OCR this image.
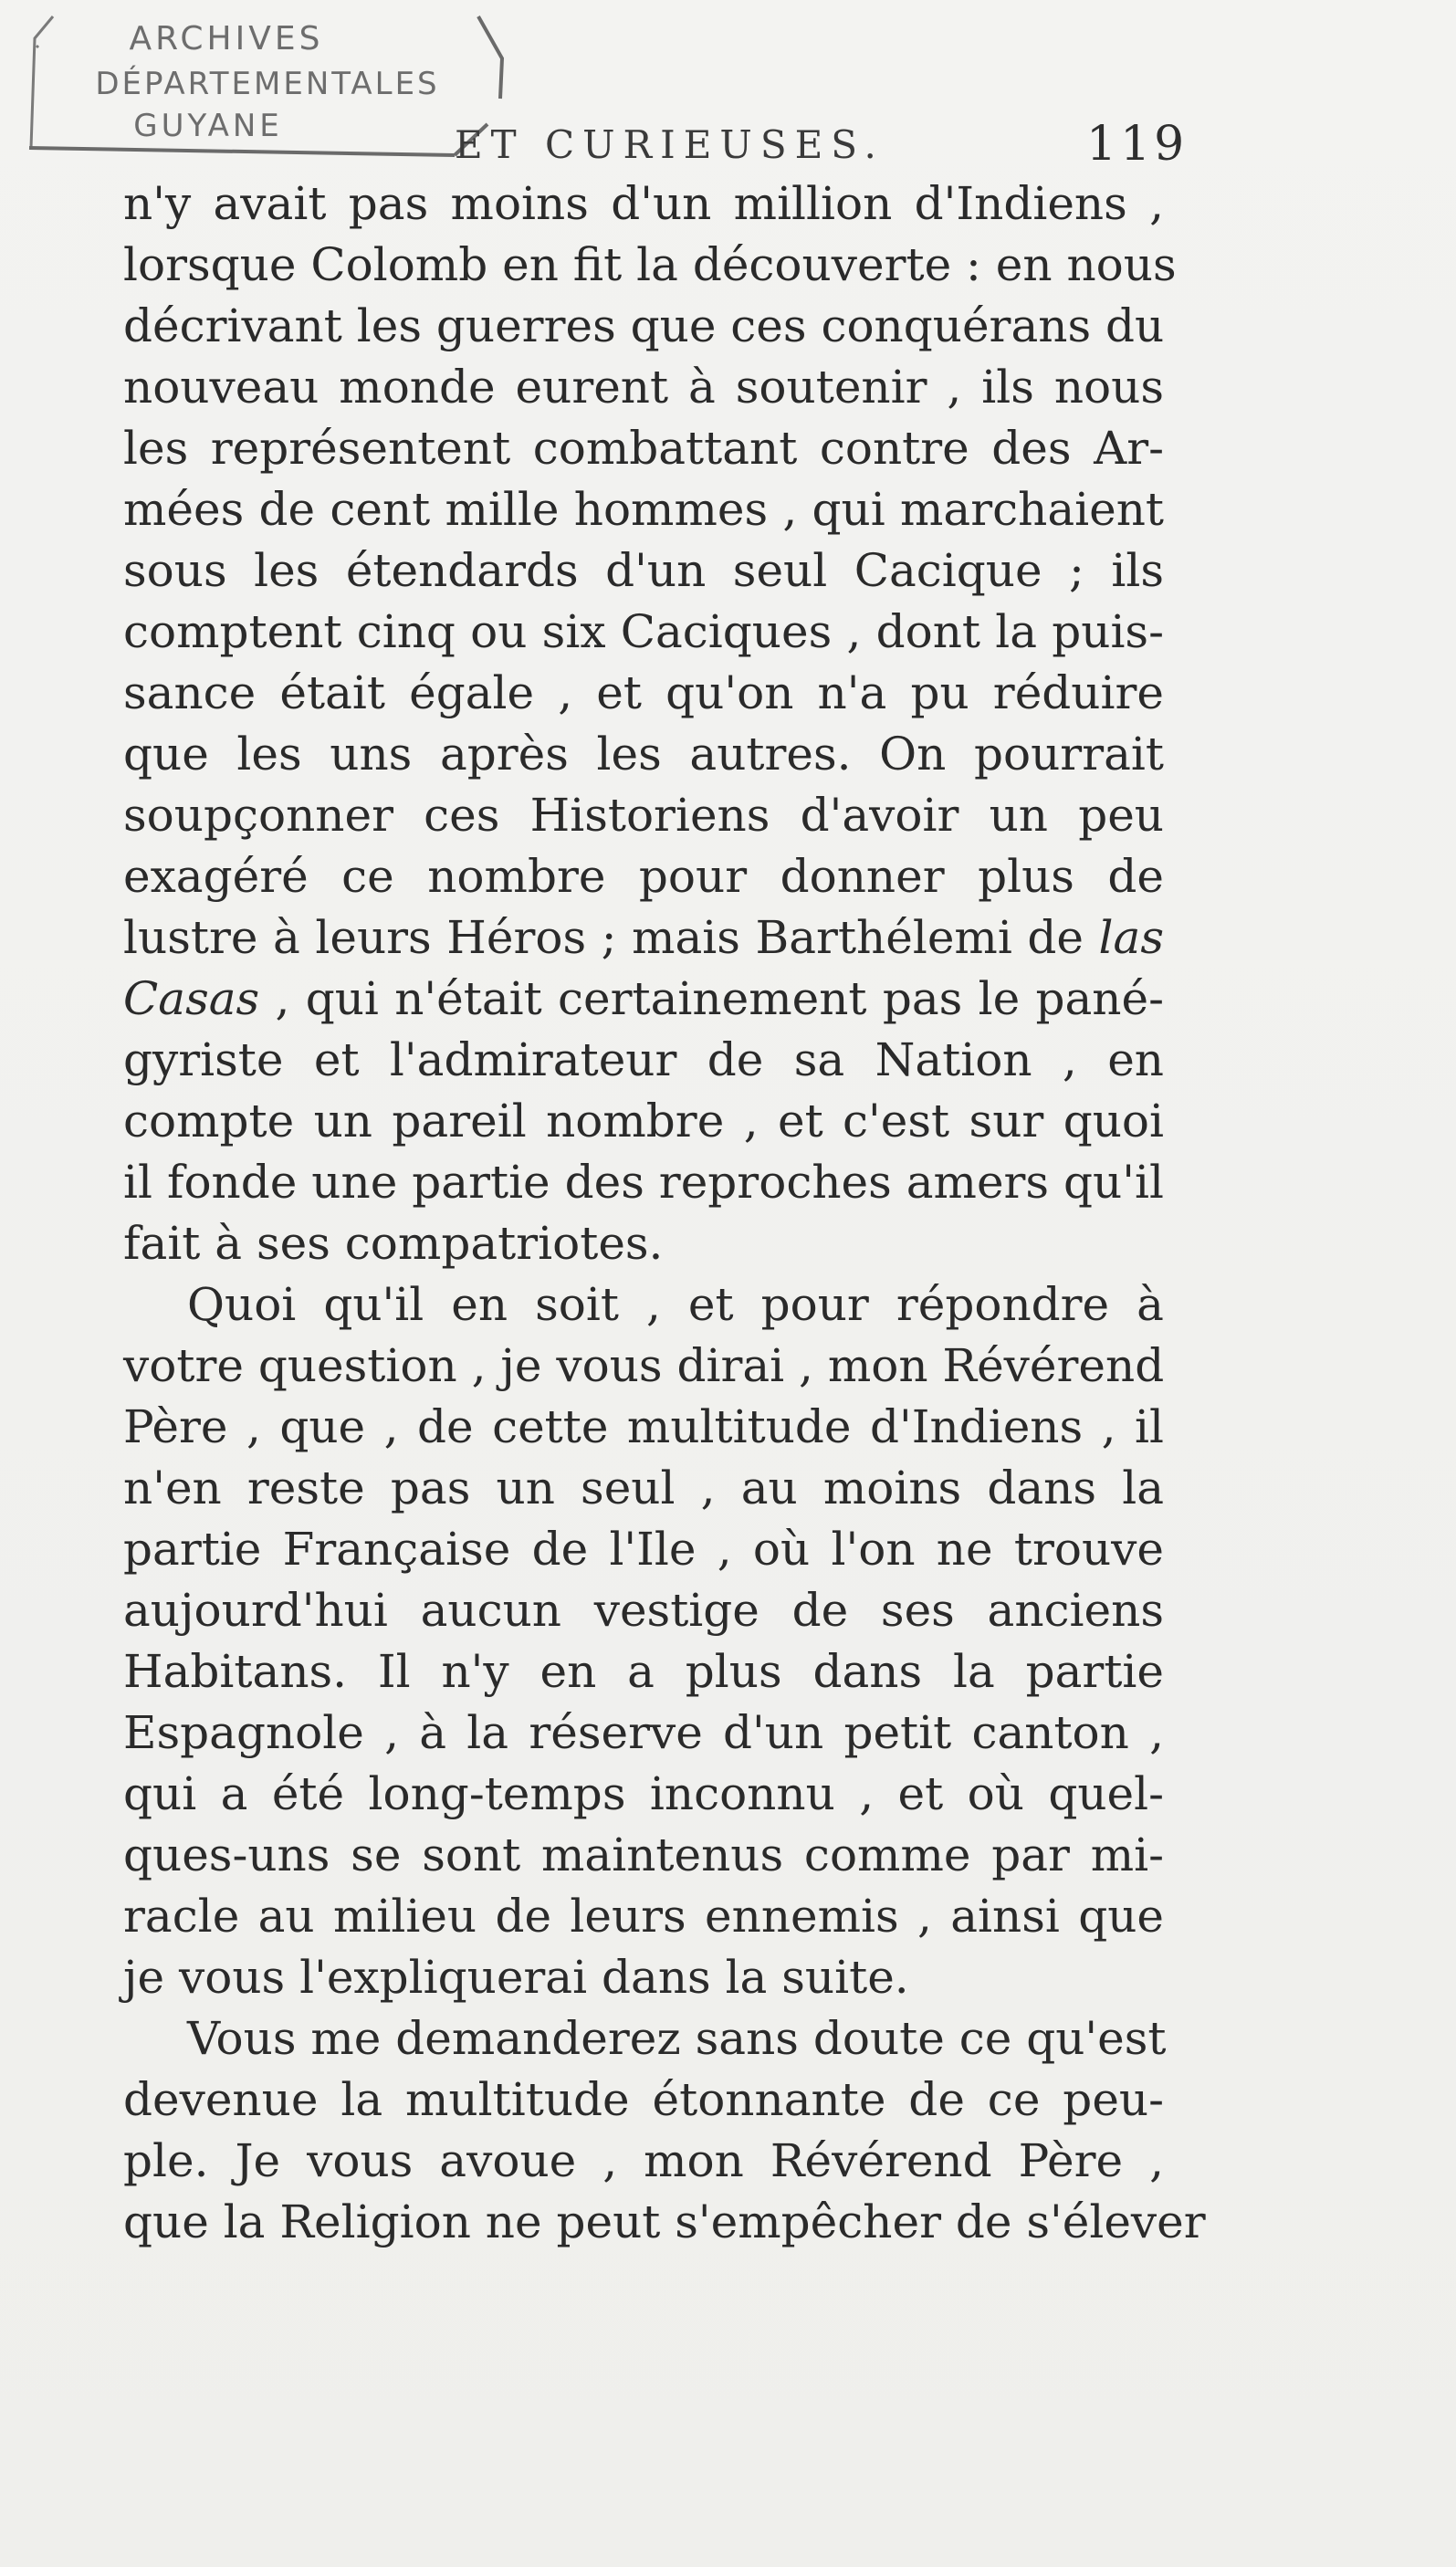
ARCHIVES
DÉPARTEMENTALES
GUYANE	ET CURIEUSES.	119
n'y avait pas moins d'un million d'Indiens ,
lorsque Colomb en fit la découverte : en nous
décrivant les guerres que ces conquérans du
nouveau monde eurent à soutenir , ils nous
les représentent combattant contre des Ar-
mées de cent mille hommes , qui marchaient
sous les étendards d'un seul Cacique ; ils
comptent cinq ou six Caciques , dont la puis-
sance était égale , et qu'on n'a pu réduire
que les uns après les autres. On pourrait
soupçonner ces Historiens d'avoir un peu
exagéré ce nombre pour donner plus de
lustre à leurs Héros ; mais Barthélemi de las
Casas , qui n'était certainement pas le pané-
gyriste et l'admirateur de sa Nation , en
compte un pareil nombre , et c'est sur quoi
il fonde une partie des reproches amers qu'il
fait à ses compatriotes.
Quoi qu'il en soit , et pour répondre à
votre question , je vous dirai , mon Révérend
Père , que , de cette multitude d'Indiens , il
n'en reste pas un seul , au moins dans la
partie Française de l'Ile , où l'on ne trouve
aujourd'hui aucun vestige de ses anciens
Habitans. Il n'y en a plus dans la partie
Espagnole , à la réserve d'un petit canton ,
qui a été long-temps inconnu , et où quel-
ques-uns se sont maintenus comme par mi-
racle au milieu de leurs ennemis , ainsi que
je vous l'expliquerai dans la suite.
Vous me demanderez sans doute ce qu'est
devenue la multitude étonnante de ce peu-
ple. Je vous avoue , mon Révérend Père ,
que la Religion ne peut s'empêcher de s'élever
